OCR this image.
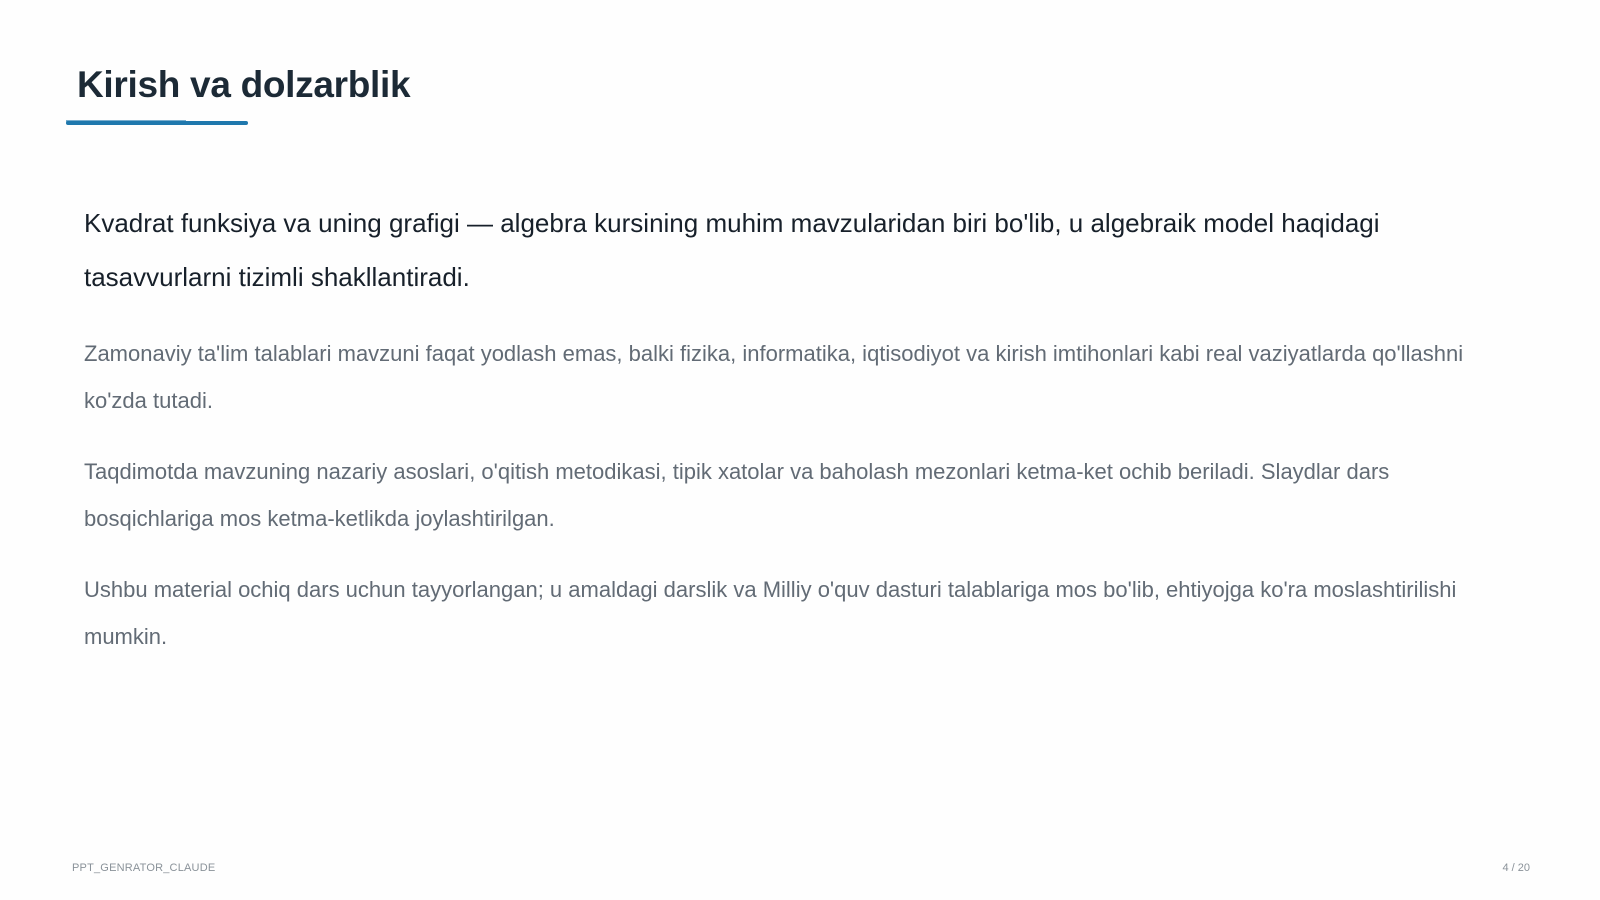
Kirish va dolzarblik

Kvadrat funksiya va uning grafigi — algebra kursining muhim mavzularidan biri bo'lib, u algebraik model haqidagi tasavvurlarni tizimli shakllantiradi.

Zamonaviy ta'lim talablari mavzuni faqat yodlash emas, balki fizika, informatika, iqtisodiyot va kirish imtihonlari kabi real vaziyatlarda qo'llashni ko'zda tutadi.

Taqdimotda mavzuning nazariy asoslari, o'qitish metodikasi, tipik xatolar va baholash mezonlari ketma-ket ochib beriladi. Slaydlar dars bosqichlariga mos ketma-ketlikda joylashtirilgan.

Ushbu material ochiq dars uchun tayyorlangan; u amaldagi darslik va Milliy o'quv dasturi talablariga mos bo'lib, ehtiyojga ko'ra moslashtirilishi mumkin.

PPT_GENRATOR_CLAUDE	4 / 20
